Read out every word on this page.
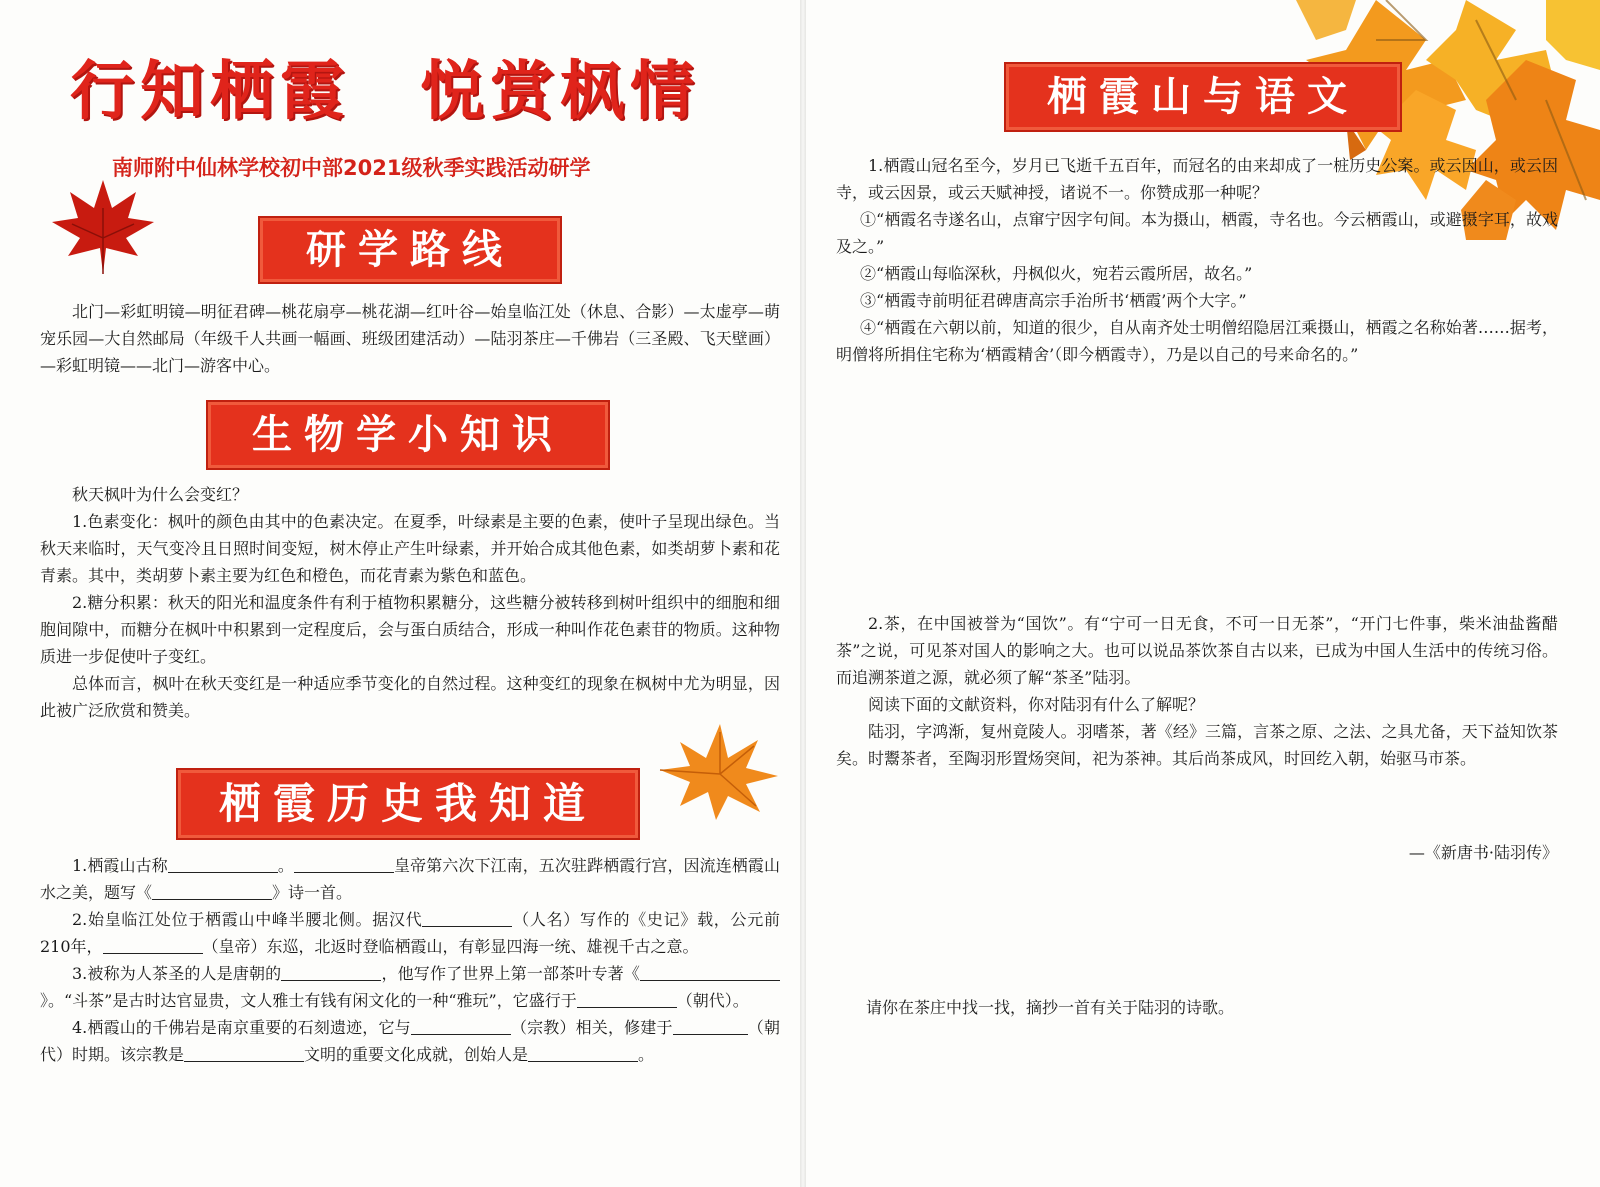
行知栖霞　悦赏枫情
南师附中仙林学校初中部2021级秋季实践活动研学
研学路线

北门—彩虹明镜—明征君碑—桃花扇亭—桃花湖—红叶谷—始皇临江处（休息、合影）—太虚亭—萌宠乐园—大自然邮局（年级千人共画一幅画、班级团建活动）—陆羽茶庄—千佛岩（三圣殿、飞天壁画）—彩虹明镜——北门—游客中心。

生物学小知识

秋天枫叶为什么会变红？

1.色素变化：枫叶的颜色由其中的色素决定。在夏季，叶绿素是主要的色素，使叶子呈现出绿色。当秋天来临时，天气变冷且日照时间变短，树木停止产生叶绿素，并开始合成其他色素，如类胡萝卜素和花青素。其中，类胡萝卜素主要为红色和橙色，而花青素为紫色和蓝色。

2.糖分积累：秋天的阳光和温度条件有利于植物积累糖分，这些糖分被转移到树叶组织中的细胞和细胞间隙中，而糖分在枫叶中积累到一定程度后，会与蛋白质结合，形成一种叫作花色素苷的物质。这种物质进一步促使叶子变红。

总体而言，枫叶在秋天变红是一种适应季节变化的自然过程。这种变红的现象在枫树中尤为明显，因此被广泛欣赏和赞美。

栖霞历史我知道

1.栖霞山古称	。	皇帝第六次下江南，五次驻跸栖霞行宫，因流连栖霞山水之美，题写《	》诗一首。

2.始皇临江处位于栖霞山中峰半腰北侧。据汉代	（人名）写作的《史记》载，公元前210年，	（皇帝）东巡，北返时登临栖霞山，有彰显四海一统、雄视千古之意。

3.被称为人茶圣的人是唐朝的	，他写作了世界上第一部茶叶专著《》。“斗茶”是古时达官显贵，文人雅士有钱有闲文化的一种“雅玩”，它盛行于	（朝代）。

4.栖霞山的千佛岩是南京重要的石刻遗迹，它与	（宗教）相关，修建于	（朝代）时期。该宗教是	文明的重要文化成就，创始人是	。

栖霞山与语文

1.栖霞山冠名至今，岁月已飞逝千五百年，而冠名的由来却成了一桩历史公案。或云因山，或云因寺，或云因景，或云天赋神授，诸说不一。你赞成那一种呢？

①“栖霞名寺遂名山，点窜宁因字句间。本为摄山，栖霞，寺名也。今云栖霞山，或避摄字耳，故戏及之。”

②“栖霞山每临深秋，丹枫似火，宛若云霞所居，故名。”

③“栖霞寺前明征君碑唐高宗手治所书‘栖霞’两个大字。”

④“栖霞在六朝以前，知道的很少，自从南齐处士明僧绍隐居江乘摄山，栖霞之名称始著……据考，明僧将所捐住宅称为‘栖霞精舍’（即今栖霞寺），乃是以自己的号来命名的。”

2.茶，在中国被誉为“国饮”。有“宁可一日无食，不可一日无茶”，“开门七件事，柴米油盐酱醋茶”之说，可见茶对国人的影响之大。也可以说品茶饮茶自古以来，已成为中国人生活中的传统习俗。而追溯茶道之源，就必须了解“茶圣”陆羽。

阅读下面的文献资料，你对陆羽有什么了解呢？

陆羽，字鸿渐，复州竟陵人。羽嗜茶，著《经》三篇，言茶之原、之法、之具尤备，天下益知饮茶矣。时鬻茶者，至陶羽形置炀突间，祀为茶神。其后尚茶成风，时回纥入朝，始驱马市茶。

—《新唐书·陆羽传》
请你在茶庄中找一找，摘抄一首有关于陆羽的诗歌。
